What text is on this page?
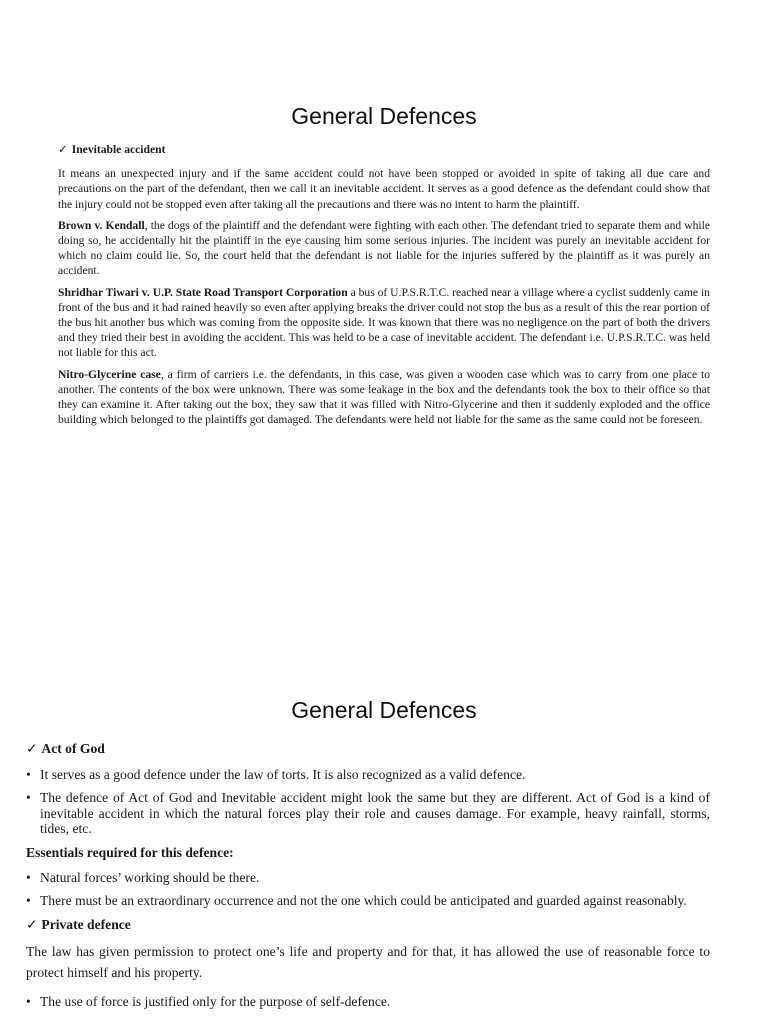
General Defences

✓ Inevitable accident

It means an unexpected injury and if the same accident could not have been stopped or avoided in spite of taking all due care and precautions on the part of the defendant, then we call it an inevitable accident. It serves as a good defence as the defendant could show that the injury could not be stopped even after taking all the precautions and there was no intent to harm the plaintiff.

Brown v. Kendall, the dogs of the plaintiff and the defendant were fighting with each other. The defendant tried to separate them and while doing so, he accidentally hit the plaintiff in the eye causing him some serious injuries. The incident was purely an inevitable accident for which no claim could lie. So, the court held that the defendant is not liable for the injuries suffered by the plaintiff as it was purely an accident.

Shridhar Tiwari v. U.P. State Road Transport Corporation a bus of U.P.S.R.T.C. reached near a village where a cyclist suddenly came in front of the bus and it had rained heavily so even after applying breaks the driver could not stop the bus as a result of this the rear portion of the bus hit another bus which was coming from the opposite side. It was known that there was no negligence on the part of both the drivers and they tried their best in avoiding the accident. This was held to be a case of inevitable accident. The defendant i.e. U.P.S.R.T.C. was held not liable for this act.

Nitro-Glycerine case, a firm of carriers i.e. the defendants, in this case, was given a wooden case which was to carry from one place to another. The contents of the box were unknown. There was some leakage in the box and the defendants took the box to their office so that they can examine it. After taking out the box, they saw that it was filled with Nitro-Glycerine and then it suddenly exploded and the office building which belonged to the plaintiffs got damaged. The defendants were held not liable for the same as the same could not be foreseen.

General Defences

✓ Act of God

• It serves as a good defence under the law of torts. It is also recognized as a valid defence.
• The defence of Act of God and Inevitable accident might look the same but they are different. Act of God is a kind of inevitable accident in which the natural forces play their role and causes damage. For example, heavy rainfall, storms, tides, etc.

Essentials required for this defence:

• Natural forces’ working should be there.
• There must be an extraordinary occurrence and not the one which could be anticipated and guarded against reasonably.

✓ Private defence

The law has given permission to protect one’s life and property and for that, it has allowed the use of reasonable force to protect himself and his property.

• The use of force is justified only for the purpose of self-defence.
